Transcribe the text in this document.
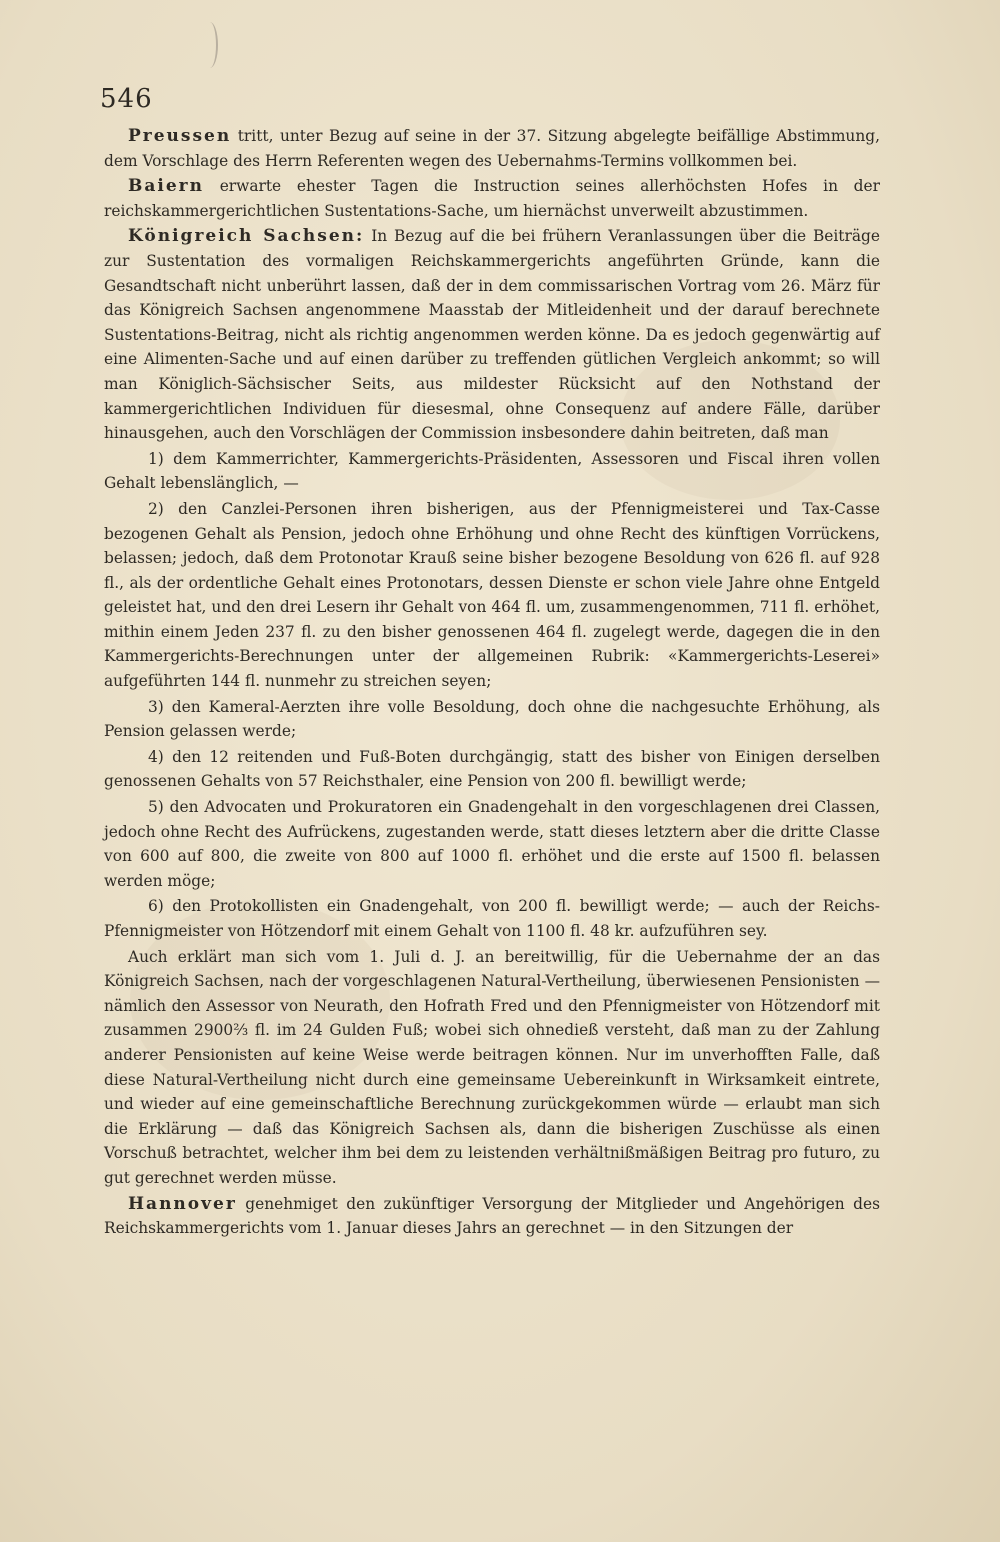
546

Preussen tritt, unter Bezug auf seine in der 37. Sitzung abgelegte beifällige Abstimmung, dem Vorschlage des Herrn Referenten wegen des Uebernahms-Termins vollkommen bei.

Baiern erwarte ehester Tagen die Instruction seines allerhöchsten Hofes in der reichskammergerichtlichen Sustentations-Sache, um hiernächst unverweilt abzustimmen.

Königreich Sachsen: In Bezug auf die bei frühern Veranlassungen über die Beiträge zur Sustentation des vormaligen Reichskammergerichts angeführten Gründe, kann die Gesandtschaft nicht unberührt lassen, daß der in dem commissarischen Vortrag vom 26. März für das Königreich Sachsen angenommene Maasstab der Mitleidenheit und der darauf berechnete Sustentations-Beitrag, nicht als richtig angenommen werden könne. Da es jedoch gegenwärtig auf eine Alimenten-Sache und auf einen darüber zu treffenden gütlichen Vergleich ankommt; so will man Königlich-Sächsischer Seits, aus mildester Rücksicht auf den Nothstand der kammergerichtlichen Individuen für diesesmal, ohne Consequenz auf andere Fälle, darüber hinausgehen, auch den Vorschlägen der Commission insbesondere dahin beitreten, daß man

1) dem Kammerrichter, Kammergerichts-Präsidenten, Assessoren und Fiscal ihren vollen Gehalt lebenslänglich, —

2) den Canzlei-Personen ihren bisherigen, aus der Pfennigmeisterei und Tax-Casse bezogenen Gehalt als Pension, jedoch ohne Erhöhung und ohne Recht des künftigen Vorrückens, belassen; jedoch, daß dem Protonotar Krauß seine bisher bezogene Besoldung von 626 fl. auf 928 fl., als der ordentliche Gehalt eines Protonotars, dessen Dienste er schon viele Jahre ohne Entgeld geleistet hat, und den drei Lesern ihr Gehalt von 464 fl. um, zusammengenommen, 711 fl. erhöhet, mithin einem Jeden 237 fl. zu den bisher genossenen 464 fl. zugelegt werde, dagegen die in den Kammergerichts-Berechnungen unter der allgemeinen Rubrik: «Kammergerichts-Leserei» aufgeführten 144 fl. nunmehr zu streichen seyen;

3) den Kameral-Aerzten ihre volle Besoldung, doch ohne die nachgesuchte Erhöhung, als Pension gelassen werde;

4) den 12 reitenden und Fuß-Boten durchgängig, statt des bisher von Einigen derselben genossenen Gehalts von 57 Reichsthaler, eine Pension von 200 fl. bewilligt werde;

5) den Advocaten und Prokuratoren ein Gnadengehalt in den vorgeschlagenen drei Classen, jedoch ohne Recht des Aufrückens, zugestanden werde, statt dieses letztern aber die dritte Classe von 600 auf 800, die zweite von 800 auf 1000 fl. erhöhet und die erste auf 1500 fl. belassen werden möge;

6) den Protokollisten ein Gnadengehalt, von 200 fl. bewilligt werde; — auch der Reichs-Pfennigmeister von Hötzendorf mit einem Gehalt von 1100 fl. 48 kr. aufzuführen sey.

Auch erklärt man sich vom 1. Juli d. J. an bereitwillig, für die Uebernahme der an das Königreich Sachsen, nach der vorgeschlagenen Natural-Vertheilung, überwiesenen Pensionisten — nämlich den Assessor von Neurath, den Hofrath Fred und den Pfennigmeister von Hötzendorf mit zusammen 2900⅔ fl. im 24 Gulden Fuß; wobei sich ohnedieß versteht, daß man zu der Zahlung anderer Pensionisten auf keine Weise werde beitragen können. Nur im unverhofften Falle, daß diese Natural-Vertheilung nicht durch eine gemeinsame Uebereinkunft in Wirksamkeit eintrete, und wieder auf eine gemeinschaftliche Berechnung zurückgekommen würde — erlaubt man sich die Erklärung — daß das Königreich Sachsen als, dann die bisherigen Zuschüsse als einen Vorschuß betrachtet, welcher ihm bei dem zu leistenden verhältnißmäßigen Beitrag pro futuro, zu gut gerechnet werden müsse.

Hannover genehmiget den zukünftiger Versorgung der Mitglieder und Angehörigen des Reichskammergerichts vom 1. Januar dieses Jahrs an gerechnet — in den Sitzungen der
